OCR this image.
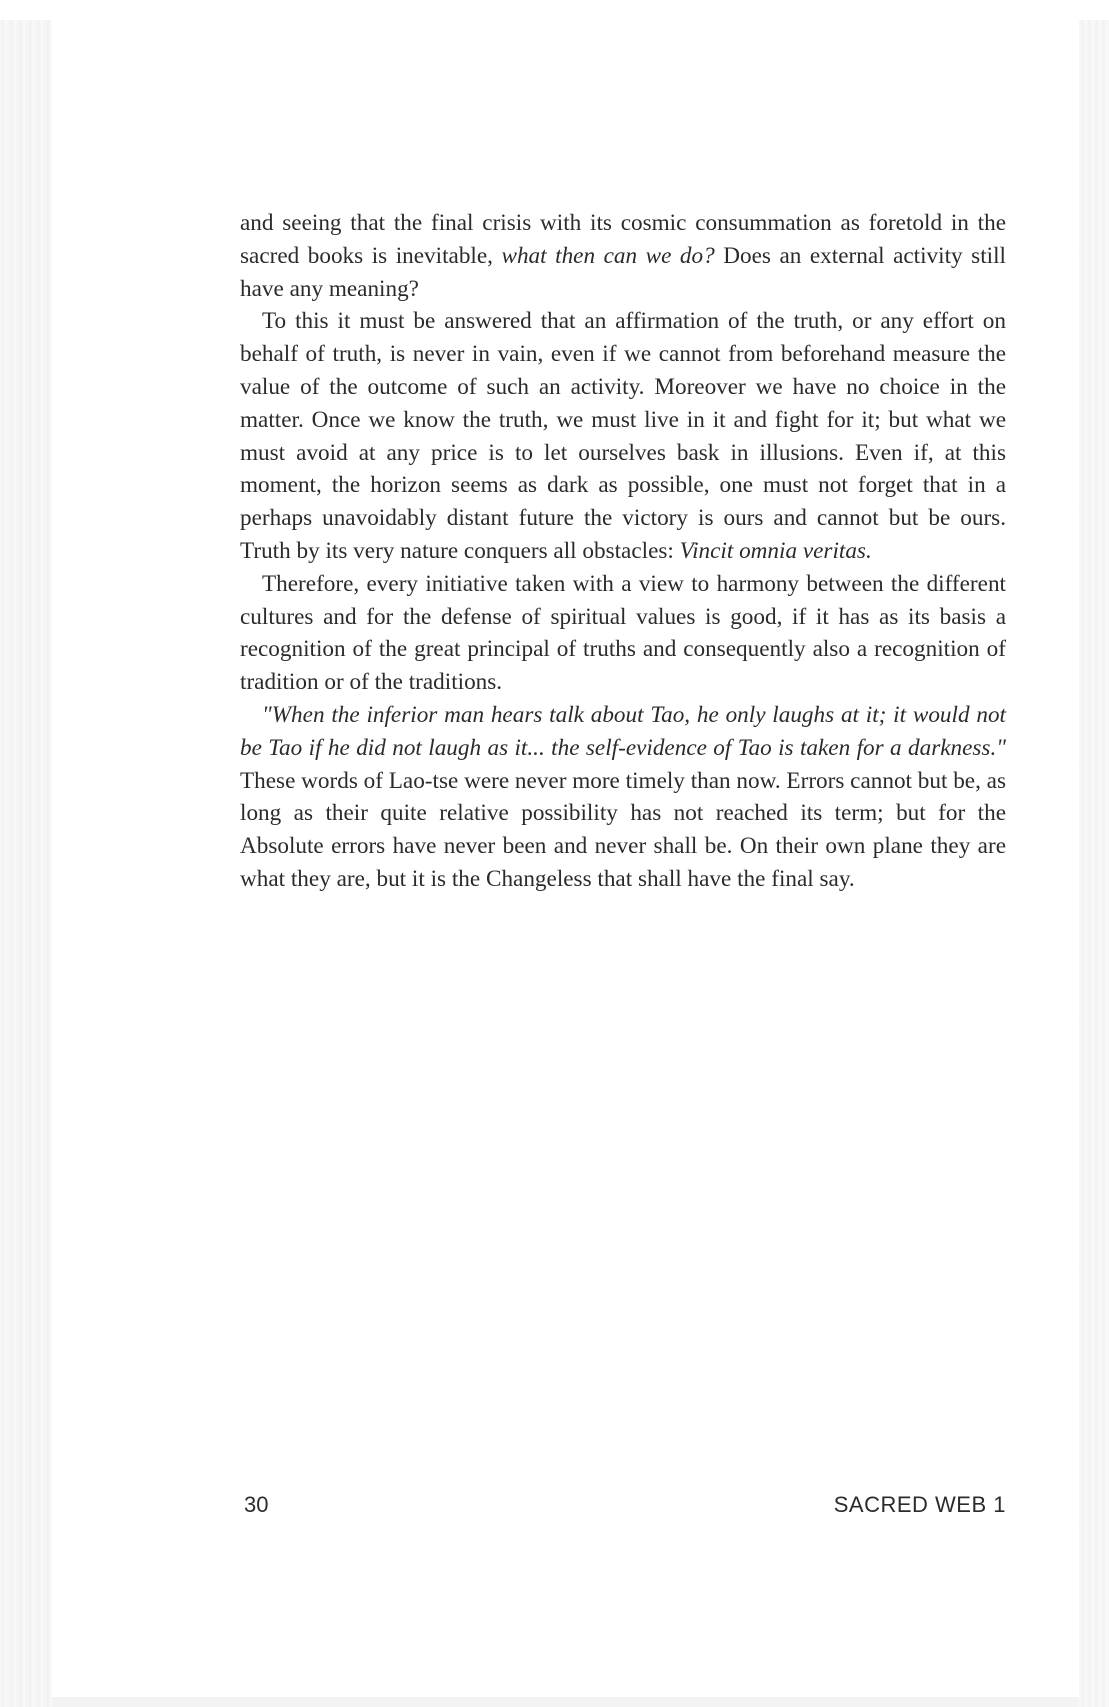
and seeing that the final crisis with its cosmic consummation as foretold in the sacred books is inevitable, what then can we do? Does an external activity still have any meaning?

To this it must be answered that an affirmation of the truth, or any effort on behalf of truth, is never in vain, even if we cannot from beforehand measure the value of the outcome of such an activity. Moreover we have no choice in the matter. Once we know the truth, we must live in it and fight for it; but what we must avoid at any price is to let ourselves bask in illusions. Even if, at this moment, the horizon seems as dark as possible, one must not forget that in a perhaps unavoidably distant future the victory is ours and cannot but be ours. Truth by its very nature conquers all obstacles: Vincit omnia veritas.

Therefore, every initiative taken with a view to harmony between the different cultures and for the defense of spiritual values is good, if it has as its basis a recognition of the great principal of truths and consequently also a recognition of tradition or of the traditions.

"When the inferior man hears talk about Tao, he only laughs at it; it would not be Tao if he did not laugh as it... the self-evidence of Tao is taken for a darkness." These words of Lao-tse were never more timely than now. Errors cannot but be, as long as their quite relative possibility has not reached its term; but for the Absolute errors have never been and never shall be. On their own plane they are what they are, but it is the Changeless that shall have the final say.

30	SACRED WEB 1
